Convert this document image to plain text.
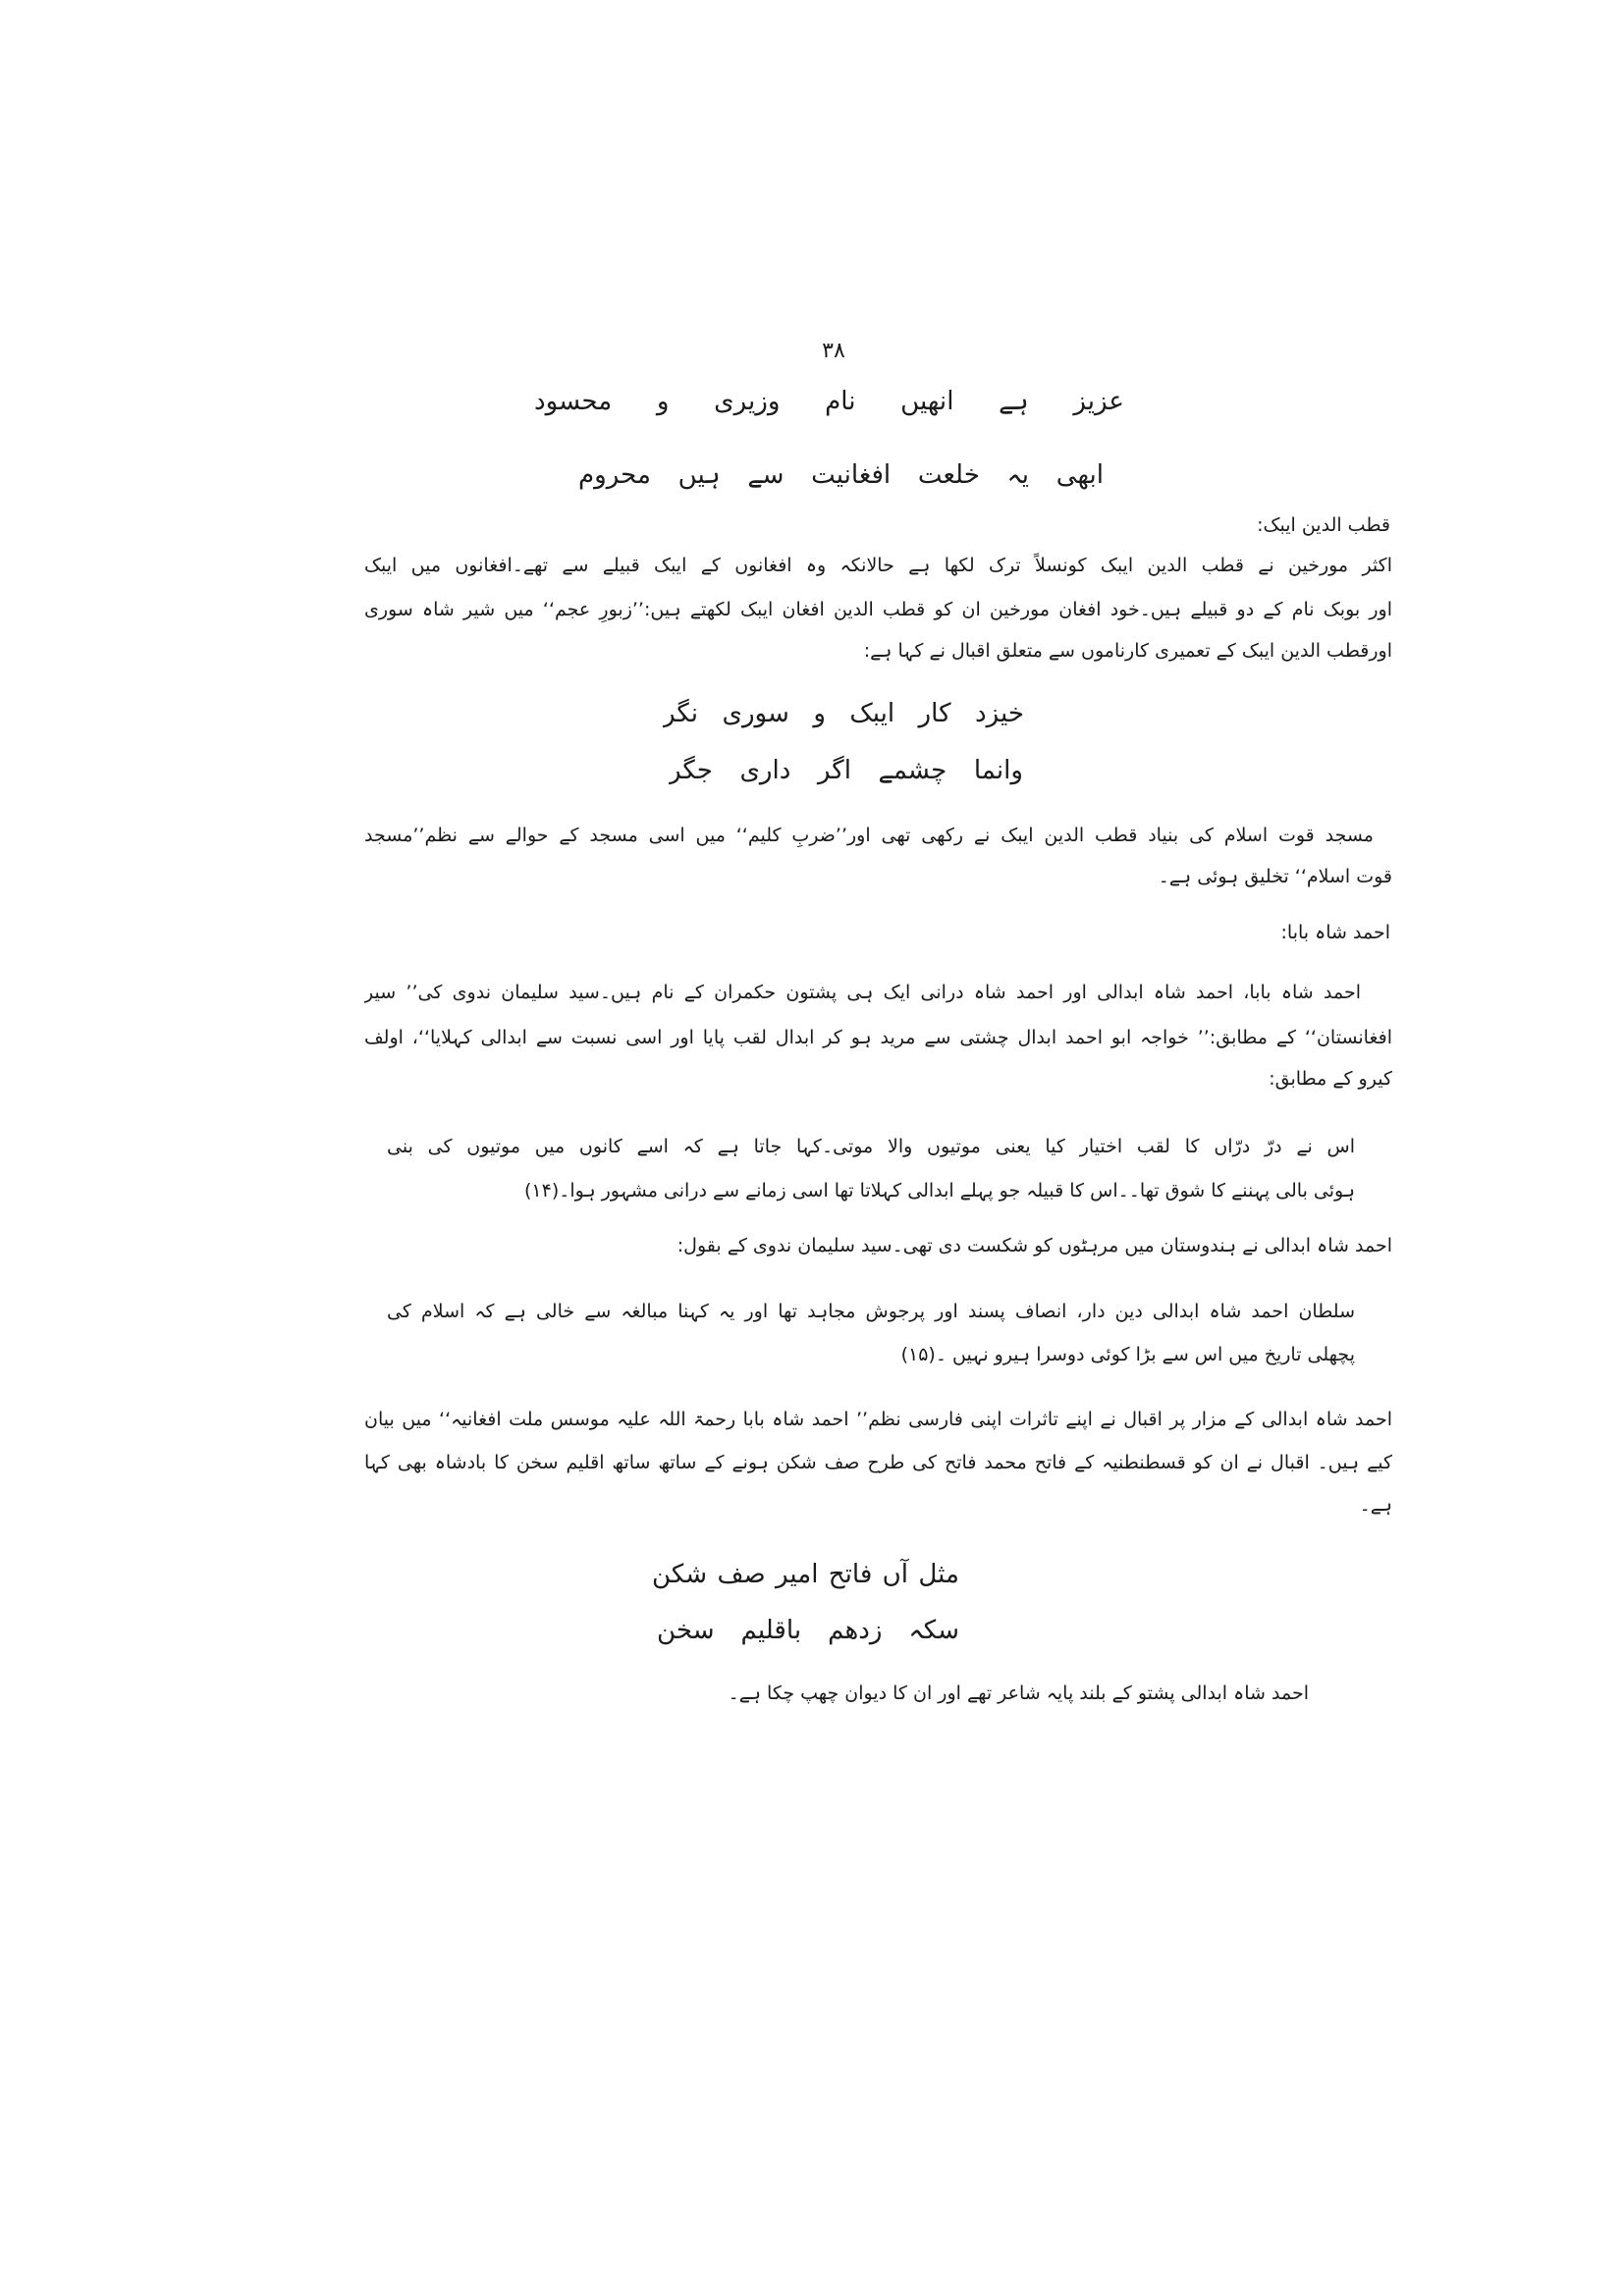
۳۸
عزیز ہے انھیں نام وزیری و محسود
ابھی یہ خلعت افغانیت سے ہیں محروم
قطب الدین ایبک:
اکثر مورخین نے قطب الدین ایبک کونسلاً ترک لکھا ہے حالانکہ وہ افغانوں کے ایبک قبیلے سے تھے۔افغانوں میں ایبک
اور بوبک نام کے دو قبیلے ہیں۔خود افغان مورخین ان کو قطب الدین افغان ایبک لکھتے ہیں:’’زبورِ عجم‘‘ میں شیر شاہ سوری
اورقطب الدین ایبک کے تعمیری کارناموں سے متعلق اقبال نے کہا ہے:
خیزد کار ایبک و سوری نگر
وانما چشمے اگر داری جگر
مسجد قوت اسلام کی بنیاد قطب الدین ایبک نے رکھی تھی اور’’ضربِ کلیم‘‘ میں اسی مسجد کے حوالے سے نظم’’مسجد
قوت اسلام‘‘ تخلیق ہوئی ہے۔
احمد شاہ بابا:
احمد شاہ بابا، احمد شاہ ابدالی اور احمد شاہ درانی ایک ہی پشتون حکمران کے نام ہیں۔سید سلیمان ندوی کی’’ سیر
افغانستان‘‘ کے مطابق:’’ خواجہ ابو احمد ابدال چشتی سے مرید ہو کر ابدال لقب پایا اور اسی نسبت سے ابدالی کہلایا‘‘، اولف
کیرو کے مطابق:
اس نے درّ درّاں کا لقب اختیار کیا یعنی موتیوں والا موتی۔کہا جاتا ہے کہ اسے کانوں میں موتیوں کی بنی
ہوئی بالی پہننے کا شوق تھا۔۔اس کا قبیلہ جو پہلے ابدالی کہلاتا تھا اسی زمانے سے درانی مشہور ہوا۔(۱۴)
احمد شاہ ابدالی نے ہندوستان میں مرہٹوں کو شکست دی تھی۔سید سلیمان ندوی کے بقول:
سلطان احمد شاہ ابدالی دین دار، انصاف پسند اور پرجوش مجاہد تھا اور یہ کہنا مبالغہ سے خالی ہے کہ اسلام کی
پچھلی تاریخ میں اس سے بڑا کوئی دوسرا ہیرو نہیں ۔(۱۵)
احمد شاہ ابدالی کے مزار پر اقبال نے اپنے تاثرات اپنی فارسی نظم’’ احمد شاہ بابا رحمۃ اللہ علیہ موسس ملت افغانیہ‘‘ میں بیان
کیے ہیں۔ اقبال نے ان کو قسطنطنیہ کے فاتح محمد فاتح کی طرح صف شکن ہونے کے ساتھ ساتھ اقلیم سخن کا بادشاہ بھی کہا
ہے۔
مثل آں فاتح امیر صف شکن
سکہ زدھم باقلیم سخن
احمد شاہ ابدالی پشتو کے بلند پایہ شاعر تھے اور ان کا دیوان چھپ چکا ہے۔
